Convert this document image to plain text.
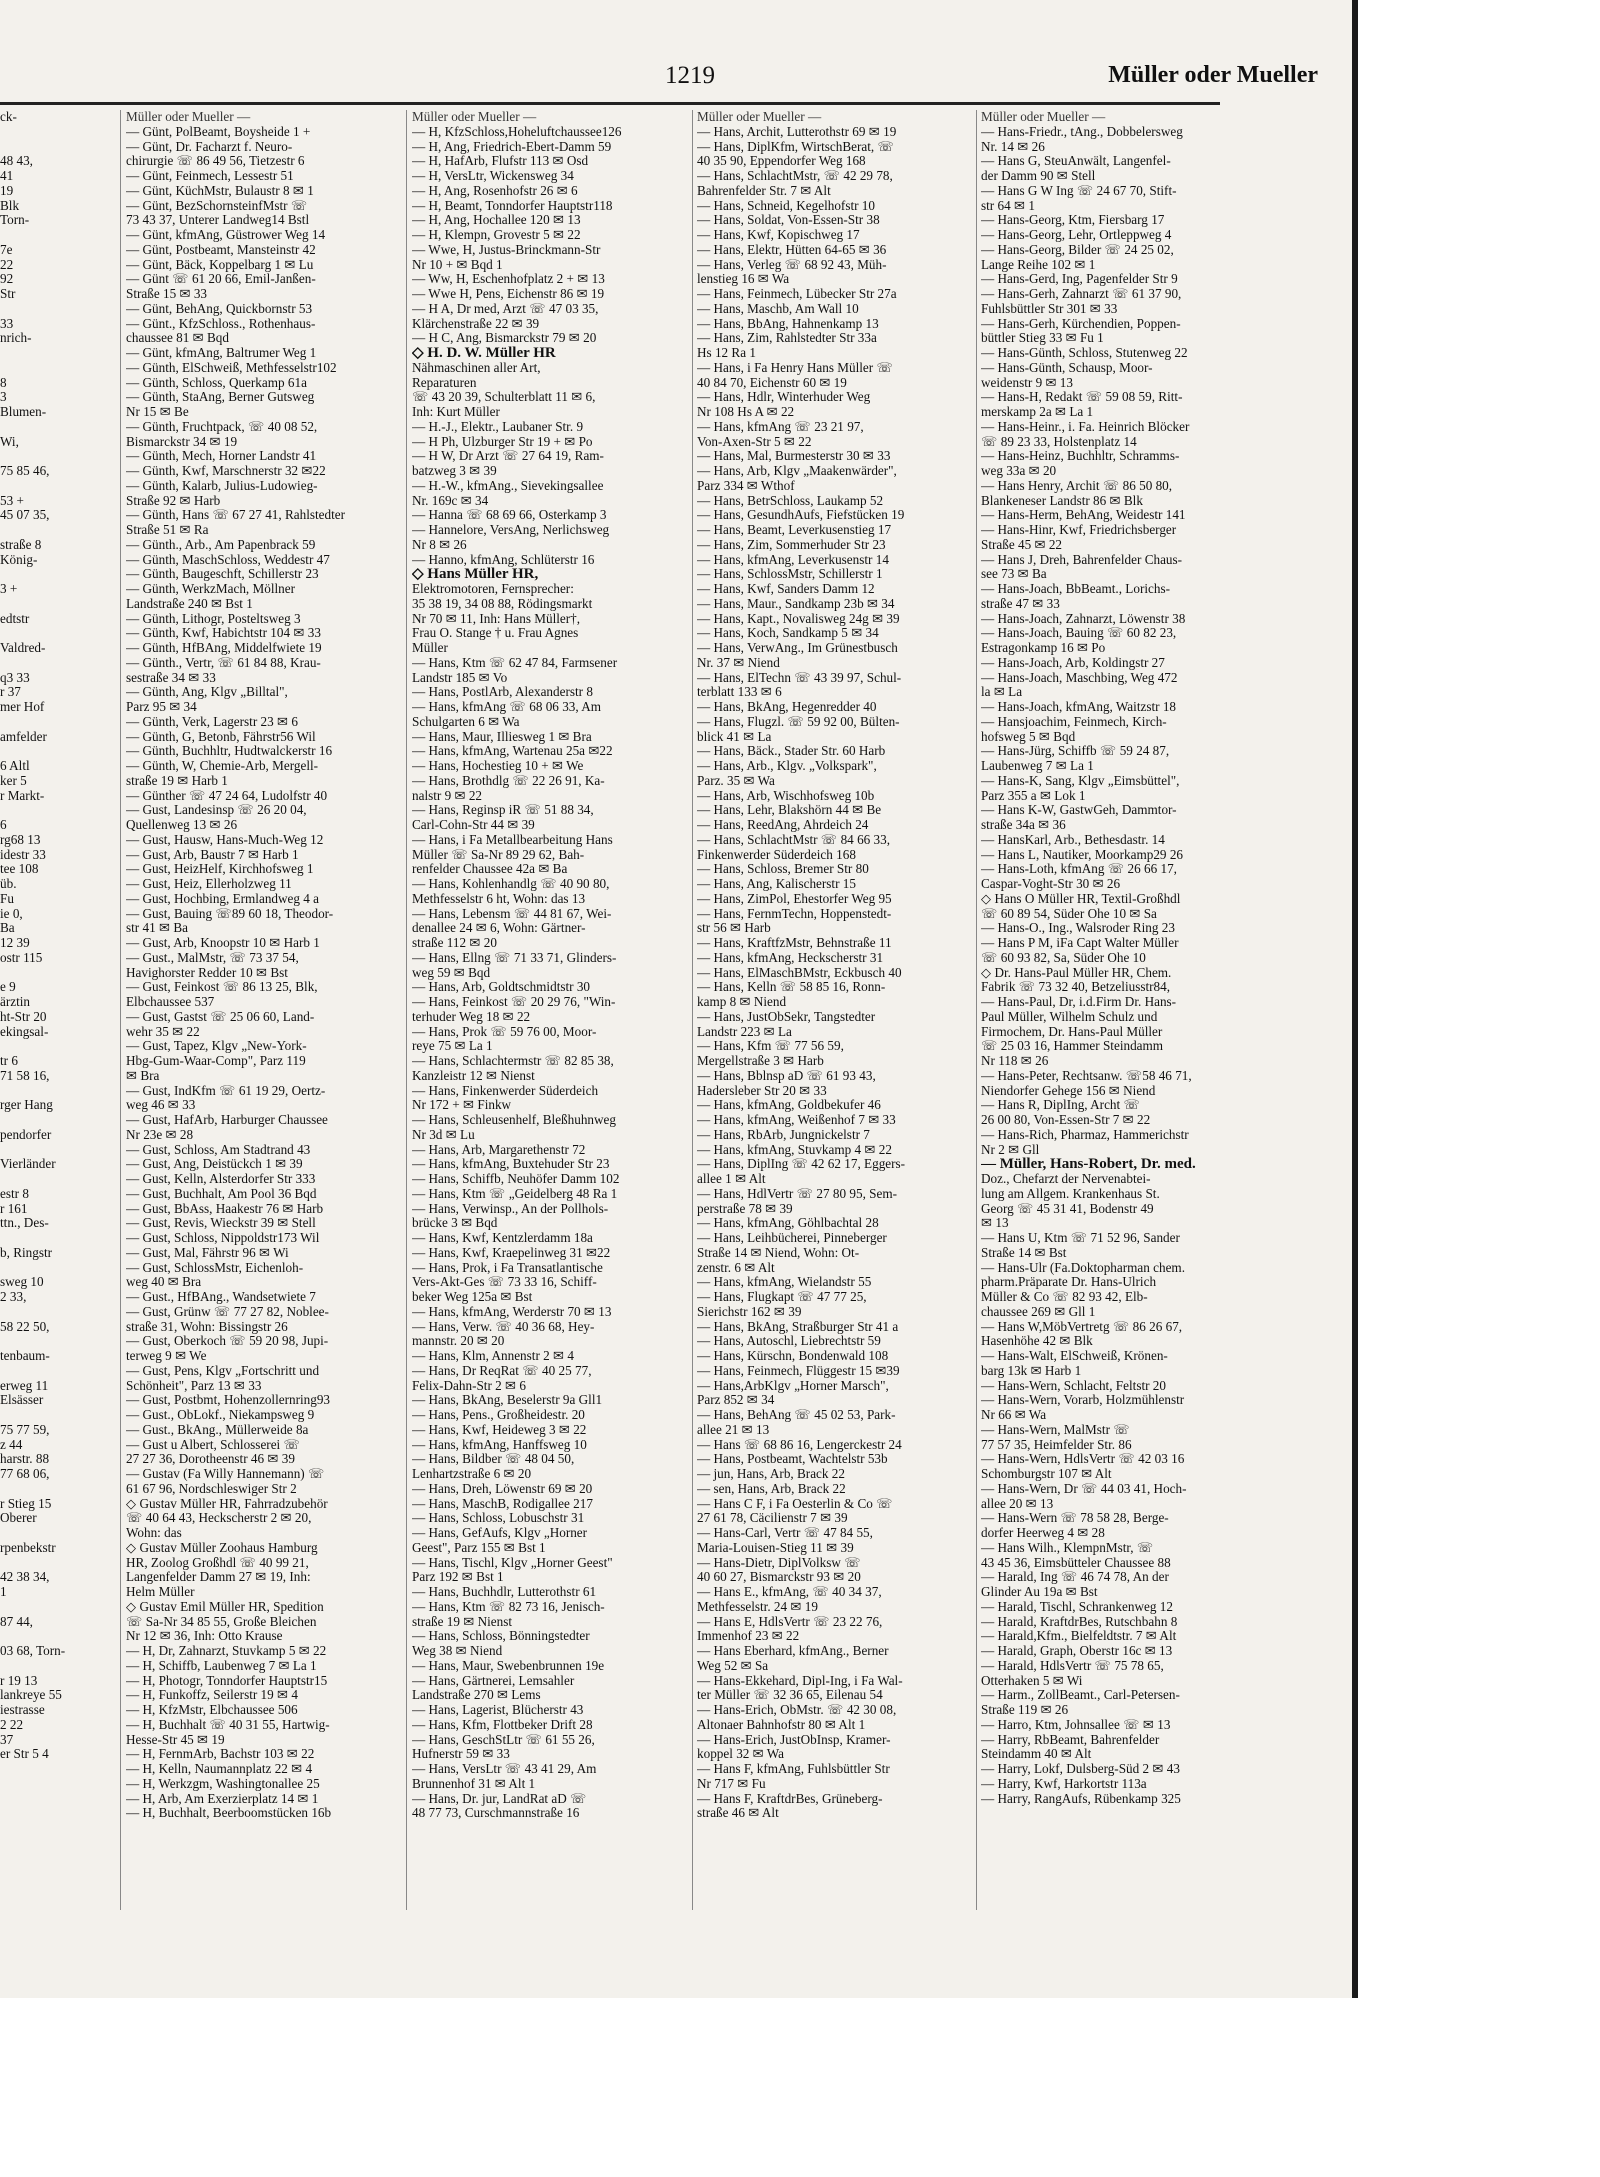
1219	Müller oder Mueller
ck-

48 43,
41
19
Blk
Torn-

7e
22
92
Str

33
nrich-

8
3
Blumen-

Wi,

75 85 46,

53 +
45 07 35,

straße 8
König-

3 +

edtstr

Valdred-

q3 33
r 37
mer Hof

amfelder

6 Altl
ker 5
r Markt-

6
rg68 13
idestr 33
tee 108
üb.
Fu
ie 0,
Ba
12 39
ostr 115

e 9
ärztin
ht-Str 20
ekingsal-

tr 6
71 58 16,

rger Hang

pendorfer

Vierländer

estr 8
r 161
ttn., Des-

b, Ringstr

sweg 10
2 33,

58 22 50,

tenbaum-

erweg 11
Elsässer

75 77 59,
z 44
harstr. 88
77 68 06,

r Stieg 15
Oberer

rpenbekstr

42 38 34,
1

87 44,

03 68, Torn-

r 19 13
lankreye 55
iestrasse
2 22
37
er Str 5 4
Müller oder Mueller —
— Günt, PolBeamt, Boysheide 1 +
— Günt, Dr. Facharzt f. Neuro-
chirurgie ☏ 86 49 56, Tietzestr 6
— Günt, Feinmech, Lessestr 51
— Günt, KüchMstr, Bulaustr 8 ✉ 1
— Günt, BezSchornsteinfMstr ☏
73 43 37, Unterer Landweg14 Bstl
— Günt, kfmAng, Güstrower Weg 14
— Günt, Postbeamt, Mansteinstr 42
— Günt, Bäck, Koppelbarg 1 ✉ Lu
— Günt ☏ 61 20 66, Emil-Janßen-
Straße 15 ✉ 33
— Günt, BehAng, Quickbornstr 53
— Günt., KfzSchloss., Rothenhaus-
chaussee 81 ✉ Bqd
— Günt, kfmAng, Baltrumer Weg 1
— Günth, ElSchweiß, Methfesselstr102
— Günth, Schloss, Querkamp 61a
— Günth, StaAng, Berner Gutsweg
Nr 15 ✉ Be
— Günth, Fruchtpack, ☏ 40 08 52,
Bismarckstr 34 ✉ 19
— Günth, Mech, Horner Landstr 41
— Günth, Kwf, Marschnerstr 32 ✉22
— Günth, Kalarb, Julius-Ludowieg-
Straße 92 ✉ Harb
— Günth, Hans ☏ 67 27 41, Rahlstedter
Straße 51 ✉ Ra
— Günth., Arb., Am Papenbrack 59
— Günth, MaschSchloss, Weddestr 47
— Günth, Baugeschft, Schillerstr 23
— Günth, WerkzMach, Möllner
Landstraße 240 ✉ Bst 1
— Günth, Lithogr, Posteltsweg 3
— Günth, Kwf, Habichtstr 104 ✉ 33
— Günth, HfBAng, Middelfwiete 19
— Günth., Vertr, ☏ 61 84 88, Krau-
sestraße 34 ✉ 33
— Günth, Ang, Klgv „Billtal",
Parz 95 ✉ 34
— Günth, Verk, Lagerstr 23 ✉ 6
— Günth, G, Betonb, Fährstr56 Wil
— Günth, Buchhltr, Hudtwalckerstr 16
— Günth, W, Chemie-Arb, Mergell-
straße 19 ✉ Harb 1
— Günther ☏ 47 24 64, Ludolfstr 40
— Gust, Landesinsp ☏ 26 20 04,
Quellenweg 13 ✉ 26
— Gust, Hausw, Hans-Much-Weg 12
— Gust, Arb, Baustr 7 ✉ Harb 1
— Gust, HeizHelf, Kirchhofsweg 1
— Gust, Heiz, Ellerholzweg 11
— Gust, Hochbing, Ermlandweg 4 a
— Gust, Bauing ☏89 60 18, Theodor-
str 41 ✉ Ba
— Gust, Arb, Knoopstr 10 ✉ Harb 1
— Gust., MalMstr, ☏ 73 37 54,
Havighorster Redder 10 ✉ Bst
— Gust, Feinkost ☏ 86 13 25, Blk,
Elbchaussee 537
— Gust, Gastst ☏ 25 06 60, Land-
wehr 35 ✉ 22
— Gust, Tapez, Klgv „New-York-
Hbg-Gum-Waar-Comp", Parz 119
✉ Bra
— Gust, IndKfm ☏ 61 19 29, Oertz-
weg 46 ✉ 33
— Gust, HafArb, Harburger Chaussee
Nr 23e ✉ 28
— Gust, Schloss, Am Stadtrand 43
— Gust, Ang, Deistückch 1 ✉ 39
— Gust, Kelln, Alsterdorfer Str 333
— Gust, Buchhalt, Am Pool 36 Bqd
— Gust, BbAss, Haakestr 76 ✉ Harb
— Gust, Revis, Wieckstr 39 ✉ Stell
— Gust, Schloss, Nippoldstr173 Wil
— Gust, Mal, Fährstr 96 ✉ Wi
— Gust, SchlossMstr, Eichenloh-
weg 40 ✉ Bra
— Gust., HfBAng., Wandsetwiete 7
— Gust, Grünw ☏ 77 27 82, Noblee-
straße 31, Wohn: Bissingstr 26
— Gust, Oberkoch ☏ 59 20 98, Jupi-
terweg 9 ✉ We
— Gust, Pens, Klgv „Fortschritt und
Schönheit", Parz 13 ✉ 33
— Gust, Postbmt, Hohenzollernring93
— Gust., ObLokf., Niekampsweg 9
— Gust., BkAng., Müllerweide 8a
— Gust u Albert, Schlosserei ☏
27 27 36, Dorotheenstr 46 ✉ 39
— Gustav (Fa Willy Hannemann) ☏
61 67 96, Nordschleswiger Str 2
◇ Gustav Müller HR, Fahrradzubehör
☏ 40 64 43, Heckscherstr 2 ✉ 20,
Wohn: das
◇ Gustav Müller Zoohaus Hamburg
HR, Zoolog Großhdl ☏ 40 99 21,
Langenfelder Damm 27 ✉ 19, Inh:
Helm Müller
◇ Gustav Emil Müller HR, Spedition
☏ Sa-Nr 34 85 55, Große Bleichen
Nr 12 ✉ 36, Inh: Otto Krause
— H, Dr, Zahnarzt, Stuvkamp 5 ✉ 22
— H, Schiffb, Laubenweg 7 ✉ La 1
— H, Photogr, Tonndorfer Hauptstr15
— H, Funkoffz, Seilerstr 19 ✉ 4
— H, KfzMstr, Elbchaussee 506
— H, Buchhalt ☏ 40 31 55, Hartwig-
Hesse-Str 45 ✉ 19
— H, FernmArb, Bachstr 103 ✉ 22
— H, Kelln, Naumannplatz 22 ✉ 4
— H, Werkzgm, Washingtonallee 25
— H, Arb, Am Exerzierplatz 14 ✉ 1
— H, Buchhalt, Beerboomstücken 16b
Müller oder Mueller —
— H, KfzSchloss,Hoheluftchaussee126
— H, Ang, Friedrich-Ebert-Damm 59
— H, HafArb, Flufstr 113 ✉ Osd
— H, VersLtr, Wickensweg 34
— H, Ang, Rosenhofstr 26 ✉ 6
— H, Beamt, Tonndorfer Hauptstr118
— H, Ang, Hochallee 120 ✉ 13
— H, Klempn, Grovestr 5 ✉ 22
— Wwe, H, Justus-Brinckmann-Str
Nr 10 + ✉ Bqd 1
— Ww, H, Eschenhofplatz 2 + ✉ 13
— Wwe H, Pens, Eichenstr 86 ✉ 19
— H A, Dr med, Arzt ☏ 47 03 35,
Klärchenstraße 22 ✉ 39
— H C, Ang, Bismarckstr 79 ✉ 20
◇ H. D. W. Müller HR
Nähmaschinen aller Art,
Reparaturen
☏ 43 20 39, Schulterblatt 11 ✉ 6,
Inh: Kurt Müller
— H.-J., Elektr., Laubaner Str. 9
— H Ph, Ulzburger Str 19 + ✉ Po
— H W, Dr Arzt ☏ 27 64 19, Ram-
batzweg 3 ✉ 39
— H.-W., kfmAng., Sievekingsallee
Nr. 169c ✉ 34
— Hanna ☏ 68 69 66, Osterkamp 3
— Hannelore, VersAng, Nerlichsweg
Nr 8 ✉ 26
— Hanno, kfmAng, Schlüterstr 16
◇ Hans Müller HR,
Elektromotoren, Fernsprecher:
35 38 19, 34 08 88, Rödingsmarkt
Nr 70 ✉ 11, Inh: Hans Müller†,
Frau O. Stange † u. Frau Agnes
Müller
— Hans, Ktm ☏ 62 47 84, Farmsener
Landstr 185 ✉ Vo
— Hans, PostlArb, Alexanderstr 8
— Hans, kfmAng ☏ 68 06 33, Am
Schulgarten 6 ✉ Wa
— Hans, Maur, Illiesweg 1 ✉ Bra
— Hans, kfmAng, Wartenau 25a ✉22
— Hans, Hochestieg 10 + ✉ We
— Hans, Brothdlg ☏ 22 26 91, Ka-
nalstr 9 ✉ 22
— Hans, Reginsp iR ☏ 51 88 34,
Carl-Cohn-Str 44 ✉ 39
— Hans, i Fa Metallbearbeitung Hans
Müller ☏ Sa-Nr 89 29 62, Bah-
renfelder Chaussee 42a ✉ Ba
— Hans, Kohlenhandlg ☏ 40 90 80,
Methfesselstr 6 ht, Wohn: das 13
— Hans, Lebensm ☏ 44 81 67, Wei-
denallee 24 ✉ 6, Wohn: Gärtner-
straße 112 ✉ 20
— Hans, Ellng ☏ 71 33 71, Glinders-
weg 59 ✉ Bqd
— Hans, Arb, Goldtschmidtstr 30
— Hans, Feinkost ☏ 20 29 76, "Win-
terhuder Weg 18 ✉ 22
— Hans, Prok ☏ 59 76 00, Moor-
reye 75 ✉ La 1
— Hans, Schlachtermstr ☏ 82 85 38,
Kanzleistr 12 ✉ Nienst
— Hans, Finkenwerder Süderdeich
Nr 172 + ✉ Finkw
— Hans, Schleusenhelf, Bleßhuhnweg
Nr 3d ✉ Lu
— Hans, Arb, Margarethenstr 72
— Hans, kfmAng, Buxtehuder Str 23
— Hans, Schiffb, Neuhöfer Damm 102
— Hans, Ktm ☏ „Geidelberg 48 Ra 1
— Hans, Verwinsp., An der Pollhols-
brücke 3 ✉ Bqd
— Hans, Kwf, Kentzlerdamm 18a
— Hans, Kwf, Kraepelinweg 31 ✉22
— Hans, Prok, i Fa Transatlantische
Vers-Akt-Ges ☏ 73 33 16, Schiff-
beker Weg 125a ✉ Bst
— Hans, kfmAng, Werderstr 70 ✉ 13
— Hans, Verw. ☏ 40 36 68, Hey-
mannstr. 20 ✉ 20
— Hans, Klm, Annenstr 2 ✉ 4
— Hans, Dr ReqRat ☏ 40 25 77,
Felix-Dahn-Str 2 ✉ 6
— Hans, BkAng, Beselerstr 9a Gll1
— Hans, Pens., Großheidestr. 20
— Hans, Kwf, Heideweg 3 ✉ 22
— Hans, kfmAng, Hanffsweg 10
— Hans, Bildber ☏ 48 04 50,
Lenhartzstraße 6 ✉ 20
— Hans, Dreh, Löwenstr 69 ✉ 20
— Hans, MaschB, Rodigallee 217
— Hans, Schloss, Lobuschstr 31
— Hans, GefAufs, Klgv „Horner
Geest", Parz 155 ✉ Bst 1
— Hans, Tischl, Klgv „Horner Geest"
Parz 192 ✉ Bst 1
— Hans, Buchhdlr, Lutterothstr 61
— Hans, Ktm ☏ 82 73 16, Jenisch-
straße 19 ✉ Nienst
— Hans, Schloss, Bönningstedter
Weg 38 ✉ Niend
— Hans, Maur, Swebenbrunnen 19e
— Hans, Gärtnerei, Lemsahler
Landstraße 270 ✉ Lems
— Hans, Lagerist, Blücherstr 43
— Hans, Kfm, Flottbeker Drift 28
— Hans, GeschStLtr ☏ 61 55 26,
Hufnerstr 59 ✉ 33
— Hans, VersLtr ☏ 43 41 29, Am
Brunnenhof 31 ✉ Alt 1
— Hans, Dr. jur, LandRat aD ☏
48 77 73, Curschmannstraße 16
Müller oder Mueller —
— Hans, Archit, Lutterothstr 69 ✉ 19
— Hans, DiplKfm, WirtschBerat, ☏
40 35 90, Eppendorfer Weg 168
— Hans, SchlachtMstr, ☏ 42 29 78,
Bahrenfelder Str. 7 ✉ Alt
— Hans, Schneid, Kegelhofstr 10
— Hans, Soldat, Von-Essen-Str 38
— Hans, Kwf, Kopischweg 17
— Hans, Elektr, Hütten 64-65 ✉ 36
— Hans, Verleg ☏ 68 92 43, Müh-
lenstieg 16 ✉ Wa
— Hans, Feinmech, Lübecker Str 27a
— Hans, Maschb, Am Wall 10
— Hans, BbAng, Hahnenkamp 13
— Hans, Zim, Rahlstedter Str 33a
Hs 12 Ra 1
— Hans, i Fa Henry Hans Müller ☏
40 84 70, Eichenstr 60 ✉ 19
— Hans, Hdlr, Winterhuder Weg
Nr 108 Hs A ✉ 22
— Hans, kfmAng ☏ 23 21 97,
Von-Axen-Str 5 ✉ 22
— Hans, Mal, Burmesterstr 30 ✉ 33
— Hans, Arb, Klgv „Maakenwärder",
Parz 334 ✉ Wthof
— Hans, BetrSchloss, Laukamp 52
— Hans, GesundhAufs, Fiefstücken 19
— Hans, Beamt, Leverkusenstieg 17
— Hans, Zim, Sommerhuder Str 23
— Hans, kfmAng, Leverkusenstr 14
— Hans, SchlossMstr, Schillerstr 1
— Hans, Kwf, Sanders Damm 12
— Hans, Maur., Sandkamp 23b ✉ 34
— Hans, Kapt., Novalisweg 24g ✉ 39
— Hans, Koch, Sandkamp 5 ✉ 34
— Hans, VerwAng., Im Grünestbusch
Nr. 37 ✉ Niend
— Hans, ElTechn ☏ 43 39 97, Schul-
terblatt 133 ✉ 6
— Hans, BkAng, Hegenredder 40
— Hans, Flugzl. ☏ 59 92 00, Bülten-
blick 41 ✉ La
— Hans, Bäck., Stader Str. 60 Harb
— Hans, Arb., Klgv. „Volkspark",
Parz. 35 ✉ Wa
— Hans, Arb, Wischhofsweg 10b
— Hans, Lehr, Blakshörn 44 ✉ Be
— Hans, ReedAng, Ahrdeich 24
— Hans, SchlachtMstr ☏ 84 66 33,
Finkenwerder Süderdeich 168
— Hans, Schloss, Bremer Str 80
— Hans, Ang, Kalischerstr 15
— Hans, ZimPol, Ehestorfer Weg 95
— Hans, FernmTechn, Hoppenstedt-
str 56 ✉ Harb
— Hans, KraftfzMstr, Behnstraße 11
— Hans, kfmAng, Heckscherstr 31
— Hans, ElMaschBMstr, Eckbusch 40
— Hans, Kelln ☏ 58 85 16, Ronn-
kamp 8 ✉ Niend
— Hans, JustObSekr, Tangstedter
Landstr 223 ✉ La
— Hans, Kfm ☏ 77 56 59,
Mergellstraße 3 ✉ Harb
— Hans, Bblnsp aD ☏ 61 93 43,
Hadersleber Str 20 ✉ 33
— Hans, kfmAng, Goldbekufer 46
— Hans, kfmAng, Weißenhof 7 ✉ 33
— Hans, RbArb, Jungnickelstr 7
— Hans, kfmAng, Stuvkamp 4 ✉ 22
— Hans, DiplIng ☏ 42 62 17, Eggers-
allee 1 ✉ Alt
— Hans, HdlVertr ☏ 27 80 95, Sem-
perstraße 78 ✉ 39
— Hans, kfmAng, Göhlbachtal 28
— Hans, Leihbücherei, Pinneberger
Straße 14 ✉ Niend, Wohn: Ot-
zenstr. 6 ✉ Alt
— Hans, kfmAng, Wielandstr 55
— Hans, Flugkapt ☏ 47 77 25,
Sierichstr 162 ✉ 39
— Hans, BkAng, Straßburger Str 41 a
— Hans, Autoschl, Liebrechtstr 59
— Hans, Kürschn, Bondenwald 108
— Hans, Feinmech, Flüggestr 15 ✉39
— Hans,ArbKlgv „Horner Marsch",
Parz 852 ✉ 34
— Hans, BehAng ☏ 45 02 53, Park-
allee 21 ✉ 13
— Hans ☏ 68 86 16, Lengerckestr 24
— Hans, Postbeamt, Wachtelstr 53b
— jun, Hans, Arb, Brack 22
— sen, Hans, Arb, Brack 22
— Hans C F, i Fa Oesterlin & Co ☏
27 61 78, Cäcilienstr 7 ✉ 39
— Hans-Carl, Vertr ☏ 47 84 55,
Maria-Louisen-Stieg 11 ✉ 39
— Hans-Dietr, DiplVolksw ☏
40 60 27, Bismarckstr 93 ✉ 20
— Hans E., kfmAng, ☏ 40 34 37,
Methfesselstr. 24 ✉ 19
— Hans E, HdlsVertr ☏ 23 22 76,
Immenhof 23 ✉ 22
— Hans Eberhard, kfmAng., Berner
Weg 52 ✉ Sa
— Hans-Ekkehard, Dipl-Ing, i Fa Wal-
ter Müller ☏ 32 36 65, Eilenau 54
— Hans-Erich, ObMstr. ☏ 42 30 08,
Altonaer Bahnhofstr 80 ✉ Alt 1
— Hans-Erich, JustObInsp, Kramer-
koppel 32 ✉ Wa
— Hans F, kfmAng, Fuhlsbüttler Str
Nr 717 ✉ Fu
— Hans F, KraftdrBes, Grüneberg-
straße 46 ✉ Alt
Müller oder Mueller —
— Hans-Friedr., tAng., Dobbelersweg
Nr. 14 ✉ 26
— Hans G, SteuAnwält, Langenfel-
der Damm 90 ✉ Stell
— Hans G W Ing ☏ 24 67 70, Stift-
str 64 ✉ 1
— Hans-Georg, Ktm, Fiersbarg 17
— Hans-Georg, Lehr, Ortleppweg 4
— Hans-Georg, Bilder ☏ 24 25 02,
Lange Reihe 102 ✉ 1
— Hans-Gerd, Ing, Pagenfelder Str 9
— Hans-Gerh, Zahnarzt ☏ 61 37 90,
Fuhlsbüttler Str 301 ✉ 33
— Hans-Gerh, Kürchendien, Poppen-
büttler Stieg 33 ✉ Fu 1
— Hans-Günth, Schloss, Stutenweg 22
— Hans-Günth, Schausp, Moor-
weidenstr 9 ✉ 13
— Hans-H, Redakt ☏ 59 08 59, Ritt-
merskamp 2a ✉ La 1
— Hans-Heinr., i. Fa. Heinrich Blöcker
☏ 89 23 33, Holstenplatz 14
— Hans-Heinz, Buchhltr, Schramms-
weg 33a ✉ 20
— Hans Henry, Archit ☏ 86 50 80,
Blankeneser Landstr 86 ✉ Blk
— Hans-Herm, BehAng, Weidestr 141
— Hans-Hinr, Kwf, Friedrichsberger
Straße 45 ✉ 22
— Hans J, Dreh, Bahrenfelder Chaus-
see 73 ✉ Ba
— Hans-Joach, BbBeamt., Lorichs-
straße 47 ✉ 33
— Hans-Joach, Zahnarzt, Löwenstr 38
— Hans-Joach, Bauing ☏ 60 82 23,
Estragonkamp 16 ✉ Po
— Hans-Joach, Arb, Koldingstr 27
— Hans-Joach, Maschbing, Weg 472
la ✉ La
— Hans-Joach, kfmAng, Waitzstr 18
— Hansjoachim, Feinmech, Kirch-
hofsweg 5 ✉ Bqd
— Hans-Jürg, Schiffb ☏ 59 24 87,
Laubenweg 7 ✉ La 1
— Hans-K, Sang, Klgv „Eimsbüttel",
Parz 355 a ✉ Lok 1
— Hans K-W, GastwGeh, Dammtor-
straße 34a ✉ 36
— HansKarl, Arb., Bethesdastr. 14
— Hans L, Nautiker, Moorkamp29 26
— Hans-Loth, kfmAng ☏ 26 66 17,
Caspar-Voght-Str 30 ✉ 26
◇ Hans O Müller HR, Textil-Großhdl
☏ 60 89 54, Süder Ohe 10 ✉ Sa
— Hans-O., Ing., Walsroder Ring 23
— Hans P M, iFa Capt Walter Müller
☏ 60 93 82, Sa, Süder Ohe 10
◇ Dr. Hans-Paul Müller HR, Chem.
Fabrik ☏ 73 32 40, Betzeliusstr84,
— Hans-Paul, Dr, i.d.Firm Dr. Hans-
Paul Müller, Wilhelm Schulz und
Firmochem, Dr. Hans-Paul Müller
☏ 25 03 16, Hammer Steindamm
Nr 118 ✉ 26
— Hans-Peter, Rechtsanw. ☏58 46 71,
Niendorfer Gehege 156 ✉ Niend
— Hans R, DiplIng, Archt ☏
26 00 80, Von-Essen-Str 7 ✉ 22
— Hans-Rich, Pharmaz, Hammerichstr
Nr 2 ✉ Gll
— Müller, Hans-Robert, Dr. med.
Doz., Chefarzt der Nervenabtei-
lung am Allgem. Krankenhaus St.
Georg ☏ 45 31 41, Bodenstr 49
✉ 13
— Hans U, Ktm ☏ 71 52 96, Sander
Straße 14 ✉ Bst
— Hans-Ulr (Fa.Doktopharman chem.
pharm.Präparate Dr. Hans-Ulrich
Müller & Co ☏ 82 93 42, Elb-
chaussee 269 ✉ Gll 1
— Hans W,MöbVertretg ☏ 86 26 67,
Hasenhöhe 42 ✉ Blk
— Hans-Walt, ElSchweiß, Krönen-
barg 13k ✉ Harb 1
— Hans-Wern, Schlacht, Feltstr 20
— Hans-Wern, Vorarb, Holzmühlenstr
Nr 66 ✉ Wa
— Hans-Wern, MalMstr ☏
77 57 35, Heimfelder Str. 86
— Hans-Wern, HdlsVertr ☏ 42 03 16
Schomburgstr 107 ✉ Alt
— Hans-Wern, Dr ☏ 44 03 41, Hoch-
allee 20 ✉ 13
— Hans-Wern ☏ 78 58 28, Berge-
dorfer Heerweg 4 ✉ 28
— Hans Wilh., KlempnMstr, ☏
43 45 36, Eimsbütteler Chaussee 88
— Harald, Ing ☏ 46 74 78, An der
Glinder Au 19a ✉ Bst
— Harald, Tischl, Schrankenweg 12
— Harald, KraftdrBes, Rutschbahn 8
— Harald,Kfm., Bielfeldtstr. 7 ✉ Alt
— Harald, Graph, Oberstr 16c ✉ 13
— Harald, HdlsVertr ☏ 75 78 65,
Otterhaken 5 ✉ Wi
— Harm., ZollBeamt., Carl-Petersen-
Straße 119 ✉ 26
— Harro, Ktm, Johnsallee ☏ ✉ 13
— Harry, RbBeamt, Bahrenfelder
Steindamm 40 ✉ Alt
— Harry, Lokf, Dulsberg-Süd 2 ✉ 43
— Harry, Kwf, Harkortstr 113a
— Harry, RangAufs, Rübenkamp 325
